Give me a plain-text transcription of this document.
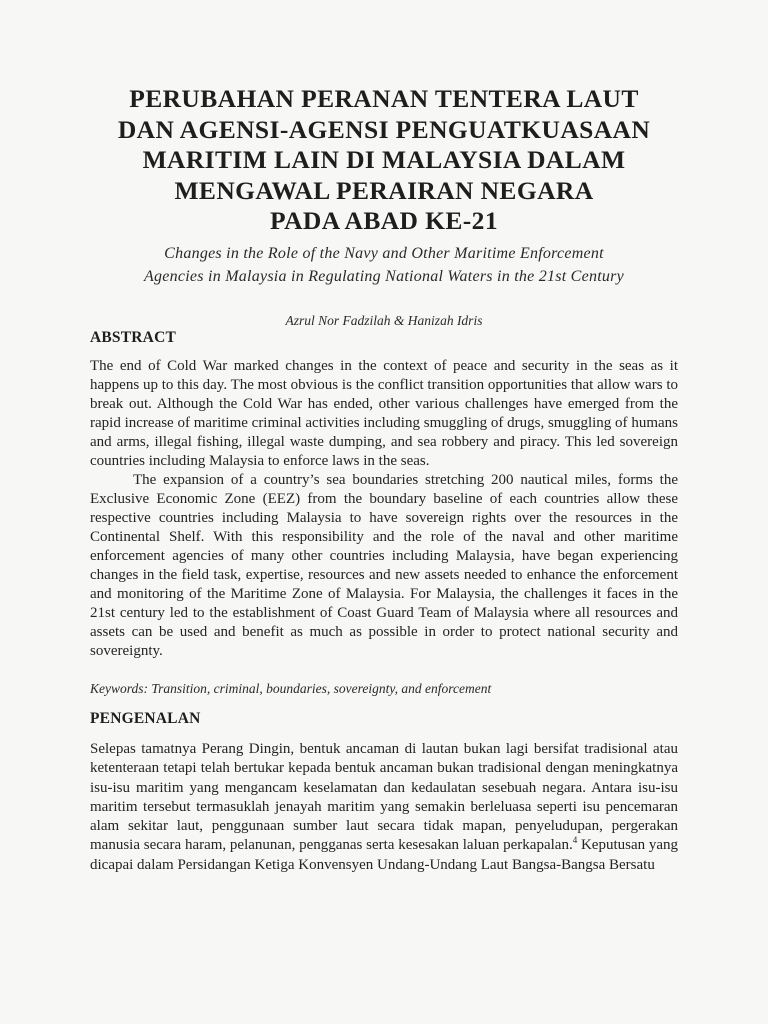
PERUBAHAN PERANAN TENTERA LAUT
DAN AGENSI-AGENSI PENGUATKUASAAN
MARITIM LAIN DI MALAYSIA DALAM
MENGAWAL PERAIRAN NEGARA
PADA ABAD KE-21

Changes in the Role of the Navy and Other Maritime Enforcement
Agencies in Malaysia in Regulating National Waters in the 21st Century

Azrul Nor Fadzilah & Hanizah Idris

ABSTRACT

The end of Cold War marked changes in the context of peace and security in the seas as it happens up to this day. The most obvious is the conflict transition opportunities that allow wars to break out. Although the Cold War has ended, other various challenges have emerged from the rapid increase of maritime criminal activities including smuggling of drugs, smuggling of humans and arms, illegal fishing, illegal waste dumping, and sea robbery and piracy. This led sovereign countries including Malaysia to enforce laws in the seas.

The expansion of a country’s sea boundaries stretching 200 nautical miles, forms the Exclusive Economic Zone (EEZ) from the boundary baseline of each countries allow these respective countries including Malaysia to have sovereign rights over the resources in the Continental Shelf. With this responsibility and the role of the naval and other maritime enforcement agencies of many other countries including Malaysia, have began experiencing changes in the field task, expertise, resources and new assets needed to enhance the enforcement and monitoring of the Maritime Zone of Malaysia. For Malaysia, the challenges it faces in the 21st century led to the establishment of Coast Guard Team of Malaysia where all resources and assets can be used and benefit as much as possible in order to protect national security and sovereignty.

Keywords: Transition, criminal, boundaries, sovereignty, and enforcement

PENGENALAN

Selepas tamatnya Perang Dingin, bentuk ancaman di lautan bukan lagi bersifat tradisional atau ketenteraan tetapi telah bertukar kepada bentuk ancaman bukan tradisional dengan meningkatnya isu-isu maritim yang mengancam keselamatan dan kedaulatan sesebuah negara. Antara isu-isu maritim tersebut termasuklah jenayah maritim yang semakin berleluasa seperti isu pencemaran alam sekitar laut, penggunaan sumber laut secara tidak mapan, penyeludupan, pergerakan manusia secara haram, pelanunan, pengganas serta kesesakan laluan perkapalan.$^4$ Keputusan yang dicapai dalam Persidangan Ketiga Konvensyen Undang-Undang Laut Bangsa-Bangsa Bersatu
